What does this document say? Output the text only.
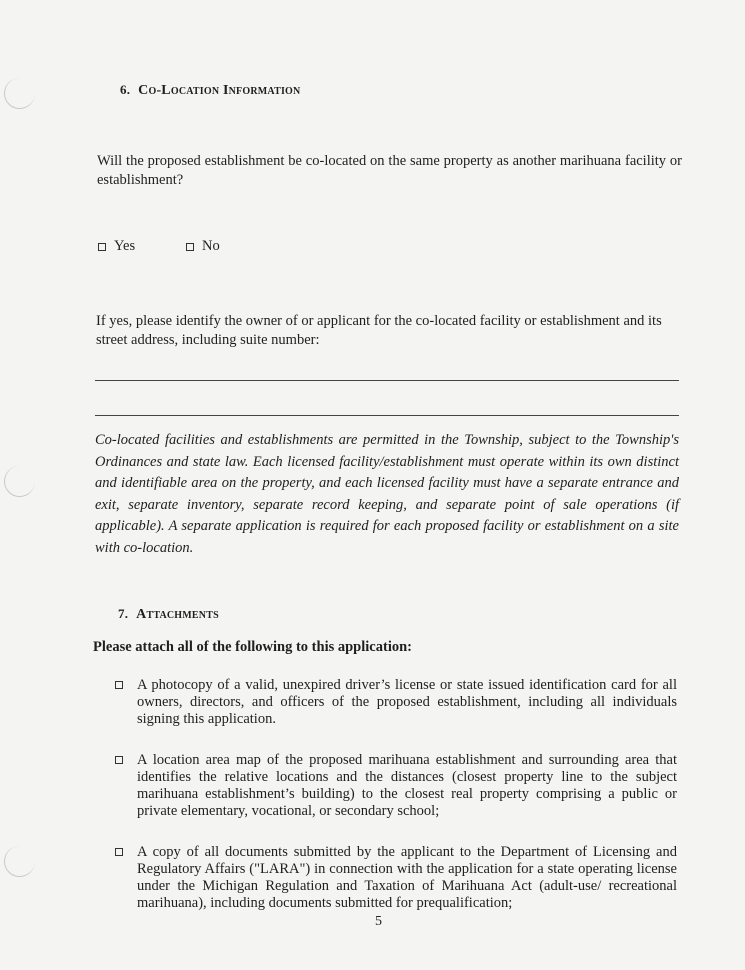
6. Co-Location Information
Will the proposed establishment be co-located on the same property as another marihuana facility or establishment?
Yes	No
If yes, please identify the owner of or applicant for the co-located facility or establishment and its street address, including suite number:
Co-located facilities and establishments are permitted in the Township, subject to the Township's Ordinances and state law. Each licensed facility/establishment must operate within its own distinct and identifiable area on the property, and each licensed facility must have a separate entrance and exit, separate inventory, separate record keeping, and separate point of sale operations (if applicable). A separate application is required for each proposed facility or establishment on a site with co-location.
7. Attachments
Please attach all of the following to this application:
A photocopy of a valid, unexpired driver’s license or state issued identification card for all owners, directors, and officers of the proposed establishment, including all individuals signing this application.
A location area map of the proposed marihuana establishment and surrounding area that identifies the relative locations and the distances (closest property line to the subject marihuana establishment’s building) to the closest real property comprising a public or private elementary, vocational, or secondary school;
A copy of all documents submitted by the applicant to the Department of Licensing and Regulatory Affairs ("LARA") in connection with the application for a state operating license under the Michigan Regulation and Taxation of Marihuana Act (adult-use/ recreational marihuana), including documents submitted for prequalification;
5
